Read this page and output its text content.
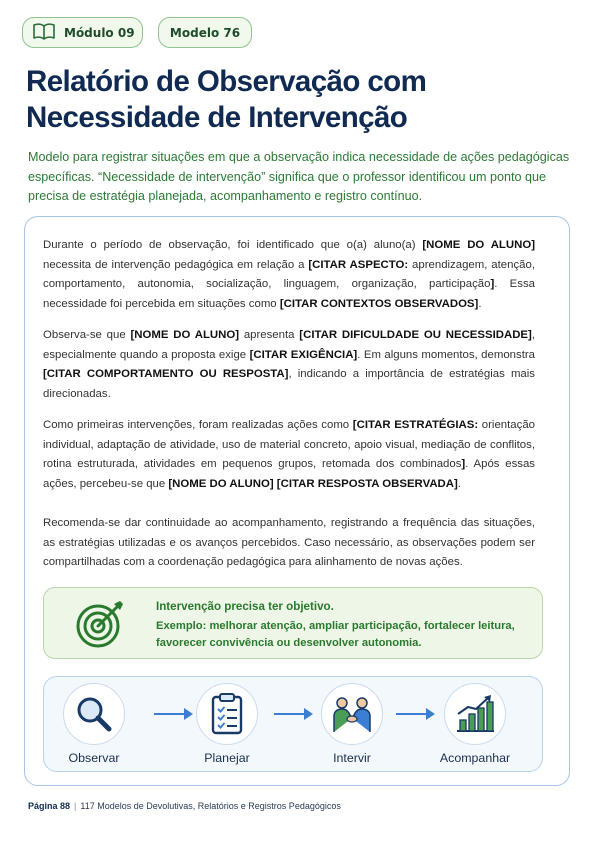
Módulo 09	Modelo 76
Relatório de Observação com Necessidade de Intervenção

Modelo para registrar situações em que a observação indica necessidade de ações pedagógicas específicas. “Necessidade de intervenção” significa que o professor identificou um ponto que precisa de estratégia planejada, acompanhamento e registro contínuo.

Durante o período de observação, foi identificado que o(a) aluno(a) [NOME DO ALUNO] necessita de intervenção pedagógica em relação a [CITAR ASPECTO: aprendizagem, atenção, comportamento, autonomia, socialização, linguagem, organização, participação]. Essa necessidade foi percebida em situações como [CITAR CONTEXTOS OBSERVADOS].

Observa-se que [NOME DO ALUNO] apresenta [CITAR DIFICULDADE OU NECESSIDADE], especialmente quando a proposta exige [CITAR EXIGÊNCIA]. Em alguns momentos, demonstra [CITAR COMPORTAMENTO OU RESPOSTA], indicando a importância de estratégias mais direcionadas.

Como primeiras intervenções, foram realizadas ações como [CITAR ESTRATÉGIAS: orientação individual, adaptação de atividade, uso de material concreto, apoio visual, mediação de conflitos, rotina estruturada, atividades em pequenos grupos, retomada dos combinados]. Após essas ações, percebeu-se que [NOME DO ALUNO] [CITAR RESPOSTA OBSERVADA].

Recomenda-se dar continuidade ao acompanhamento, registrando a frequência das situações, as estratégias utilizadas e os avanços percebidos. Caso necessário, as observações podem ser compartilhadas com a coordenação pedagógica para alinhamento de novas ações.

Intervenção precisa ter objetivo.
Exemplo: melhorar atenção, ampliar participação, fortalecer leitura, favorecer convivência ou desenvolver autonomia.
Observar	Planejar	Intervir	Acompanhar
Página 88 | 117 Modelos de Devolutivas, Relatórios e Registros Pedagógicos
